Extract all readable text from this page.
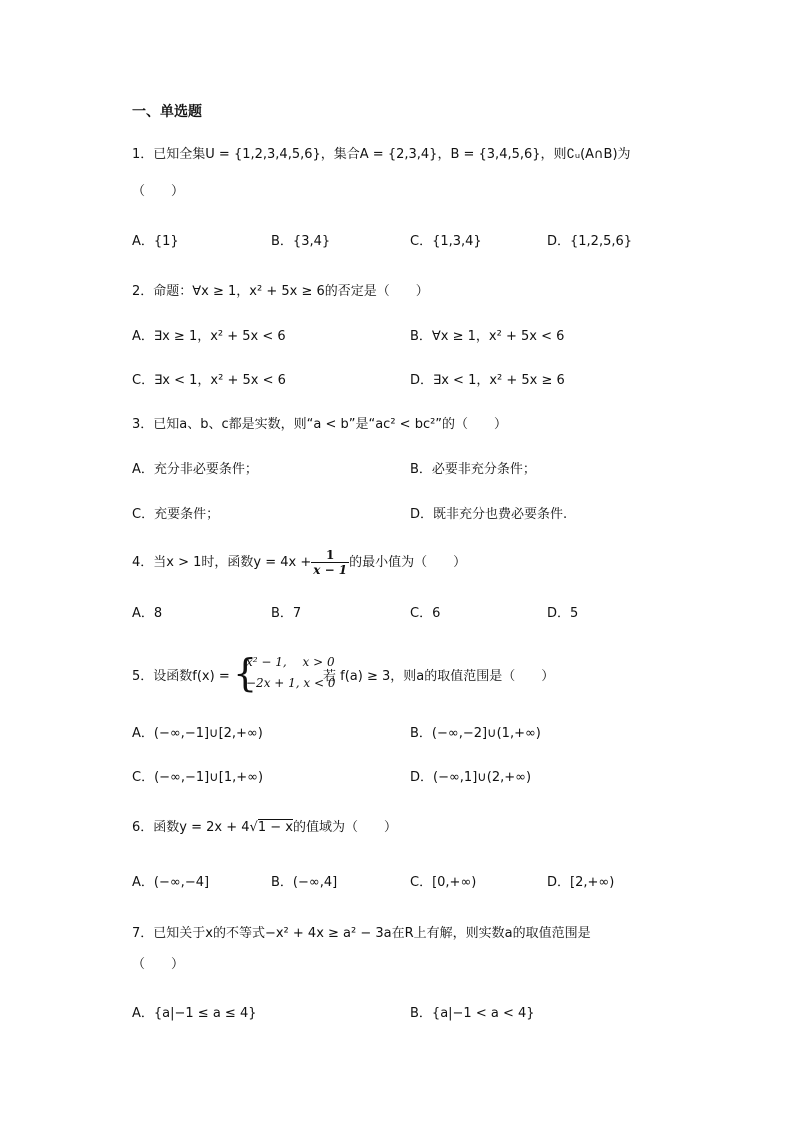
一、单选题
1．已知全集U = {1,2,3,4,5,6}，集合A = {2,3,4}，B = {3,4,5,6}，则∁ᵤ(A∩B)为
（　　）
A．{1}	B．{3,4}	C．{1,3,4}	D．{1,2,5,6}
2．命题：∀x ≥ 1，x² + 5x ≥ 6的否定是（　　）
A．∃x ≥ 1，x² + 5x < 6	B．∀x ≥ 1，x² + 5x < 6
C．∃x < 1，x² + 5x < 6	D．∃x < 1，x² + 5x ≥ 6
3．已知a、b、c都是实数，则“a < b”是“ac² < bc²”的（　　）
A．充分非必要条件；	B．必要非充分条件；
C．充要条件；	D．既非充分也费必要条件.
4．当x > 1时，函数$y = 4x + \frac{1}{x - 1}$ 的最小值为（　　）
A．8	B．7	C．6	D．5
5．设函数f(x) = {
x² − 1,　 x > 0
−2x + 1, x < 0
若 f(a) ≥ 3，则a的取值范围是（　　）
A．(−∞,−1]∪[2,+∞)	B．(−∞,−2]∪(1,+∞)
C．(−∞,−1]∪[1,+∞)	D．(−∞,1]∪(2,+∞)
6．函数y = 2x + 4√1 − x的值域为（　　）
A．(−∞,−4]	B．(−∞,4]	C．[0,+∞)	D．[2,+∞)
7．已知关于x的不等式−x² + 4x ≥ a² − 3a在R上有解，则实数a的取值范围是
（　　）
A．{a|−1 ≤ a ≤ 4}	B．{a|−1 < a < 4}
